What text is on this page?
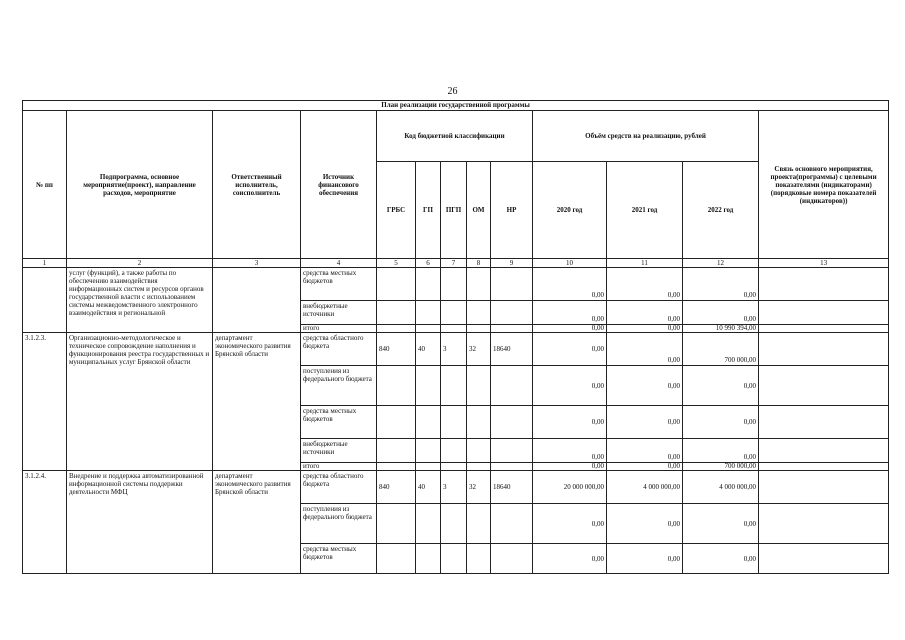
26
План реализации государственной программы												
№ пп	Подпрограмма, основное мероприятие(проект), направление расходов, мероприятие	Ответственный исполнитель, соисполнитель	Источник финансового обеспечения	Код бюджетной классификации					Объём средств на реализацию, рублей			Связь основного мероприятия, проекта(программы) с целевыми показателями (индикаторами) (порядковые номера показателей (индикаторов))
				ГРБС	ГП	ПГП	ОМ	НР	2020 год	2021 год	2022 год	
1	2	3	4	5	6	7	8	9	10	11	12	13
	услуг (функций), а также работы по обеспечению взаимодействия информационных систем и ресурсов органов государственной власти с использованием системы межведомственного электронного взаимодействия и региональной		средства местных бюджетов						0,00	0,00	0,00	
			внебюджетные источники						0,00	0,00	0,00	
			итого						0,00	0,00	10 990 394,00	
3.1.2.3.	Организационно-методологическое и техническое сопровождение наполнения и функционирования реестра государственных и муниципальных услуг Брянской области	департамент экономического развития Брянской области	средства областного бюджета	840	40	3	32	18640	0,00	0,00	700 000,00	
			поступления из федерального бюджета						0,00	0,00	0,00	
			средства местных бюджетов						0,00	0,00	0,00	
			внебюджетные источники						0,00	0,00	0,00	
			итого						0,00	0,00	700 000,00	
3.1.2.4.	Внедрение и поддержка автоматизированной информационной системы поддержки деятельности МФЦ	департамент экономического развития Брянской области	средства областного бюджета	840	40	3	32	18640	20 000 000,00	4 000 000,00	4 000 000,00	
			поступления из федерального бюджета						0,00	0,00	0,00	
			средства местных бюджетов						0,00	0,00	0,00	
